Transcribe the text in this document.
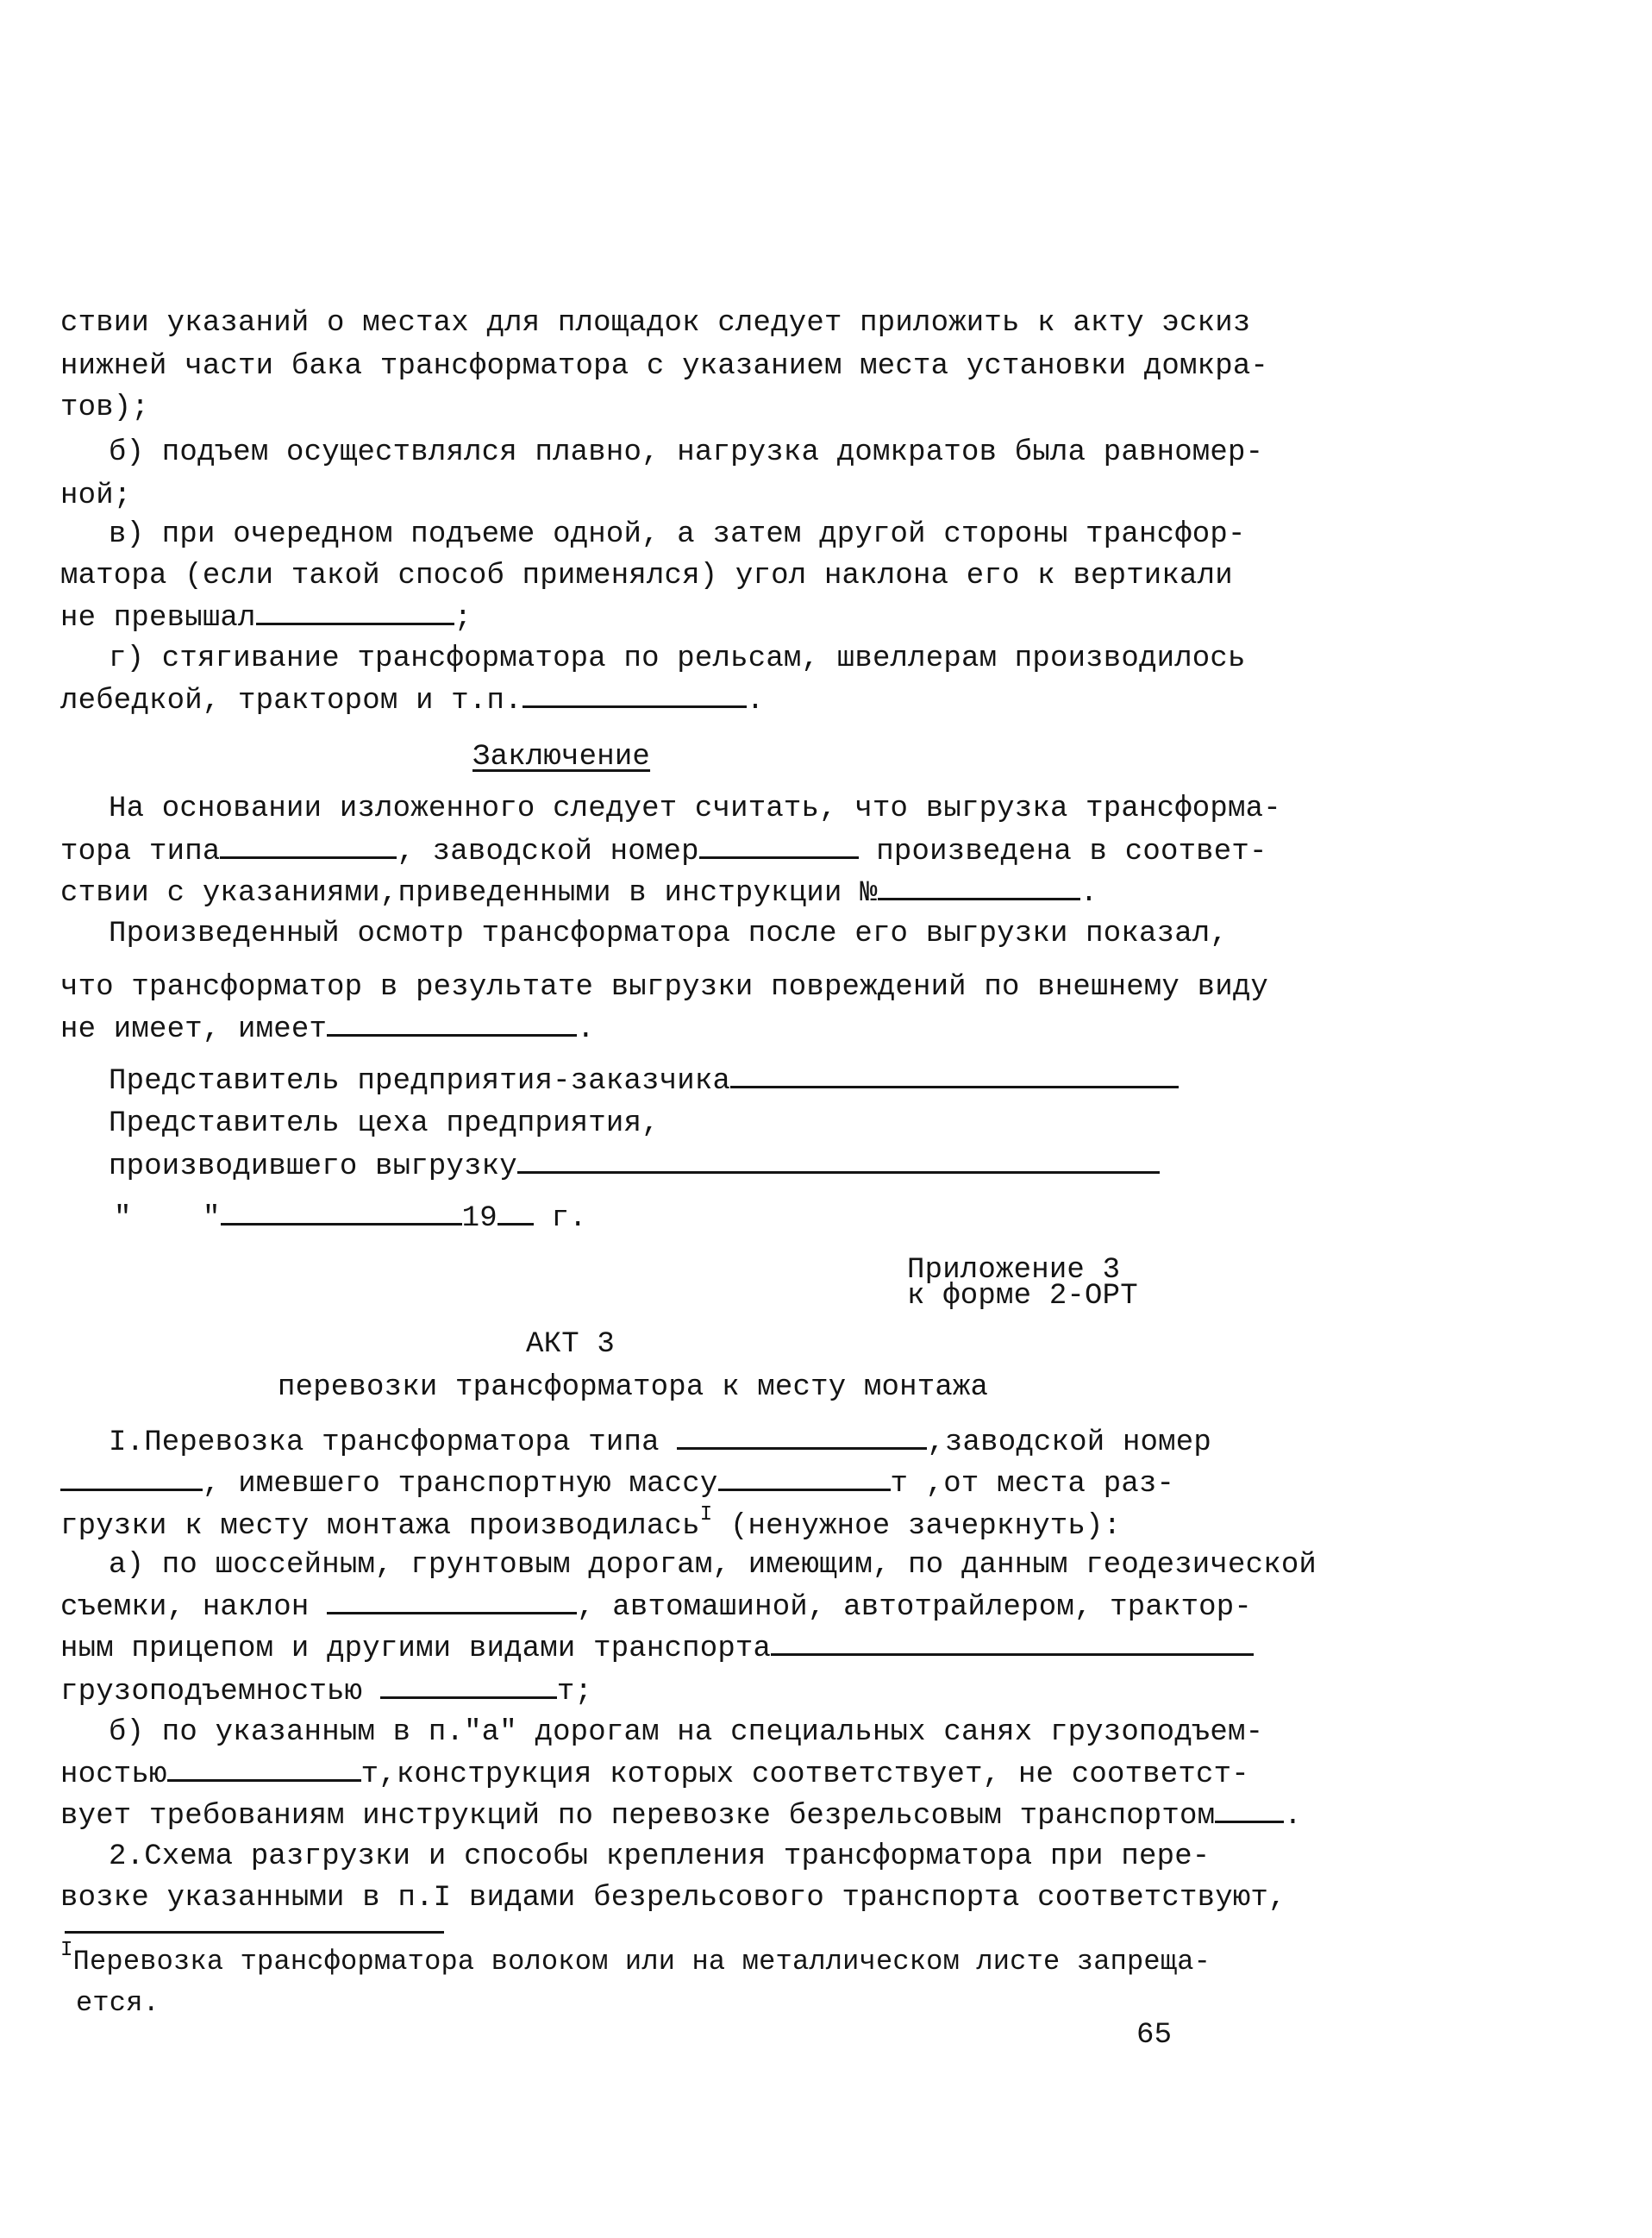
ствии указаний о местах для площадок следует приложить к акту эскиз
нижней части бака трансформатора с указанием места установки домкра-
тов);
б) подъем осуществлялся плавно, нагрузка домкратов была равномер-
ной;
в) при очередном подъеме одной, а затем другой стороны трансфор-
матора (если такой способ применялся) угол наклона его к вертикали
не превышал	;
г) стягивание трансформатора по рельсам, швеллерам производилось
лебедкой, трактором и т.п.	.
Заключение
На основании изложенного следует считать, что выгрузка трансформа-
тора типа	, заводской номер	произведена в соответ-
ствии с указаниями,приведенными в инструкции №	.
Произведенный осмотр трансформатора после его выгрузки показал,
что трансформатор в результате выгрузки повреждений по внешнему виду
не имеет, имеет	.
Представитель предприятия-заказчика
Представитель цеха предприятия,
производившего выгрузку
"    "	19 г.
Приложение 3
к форме 2-ОРТ
АКТ 3
перевозки трансформатора к месту монтажа
I.Перевозка трансформатора типа	,заводской номер
, имевшего транспортную массу	т ,от места раз-
грузки к месту монтажа производилась$^I$ (ненужное зачеркнуть):
а) по шоссейным, грунтовым дорогам, имеющим, по данным геодезической
съемки, наклон	, автомашиной, автотрайлером, трактор-
ным прицепом и другими видами транспорта
грузоподъемностью	т;
б) по указанным в п."а" дорогам на специальных санях грузоподъем-
ностью	т,конструкция которых соответствует, не соответст-
вует требованиям инструкций по перевозке безрельсовым транспортом .
2.Схема разгрузки и способы крепления трансформатора при пере-
возке указанными в п.I видами безрельсового транспорта соответствуют,
$^I$Перевозка трансформатора волоком или на металлическом листе запреща-
ется.
65
